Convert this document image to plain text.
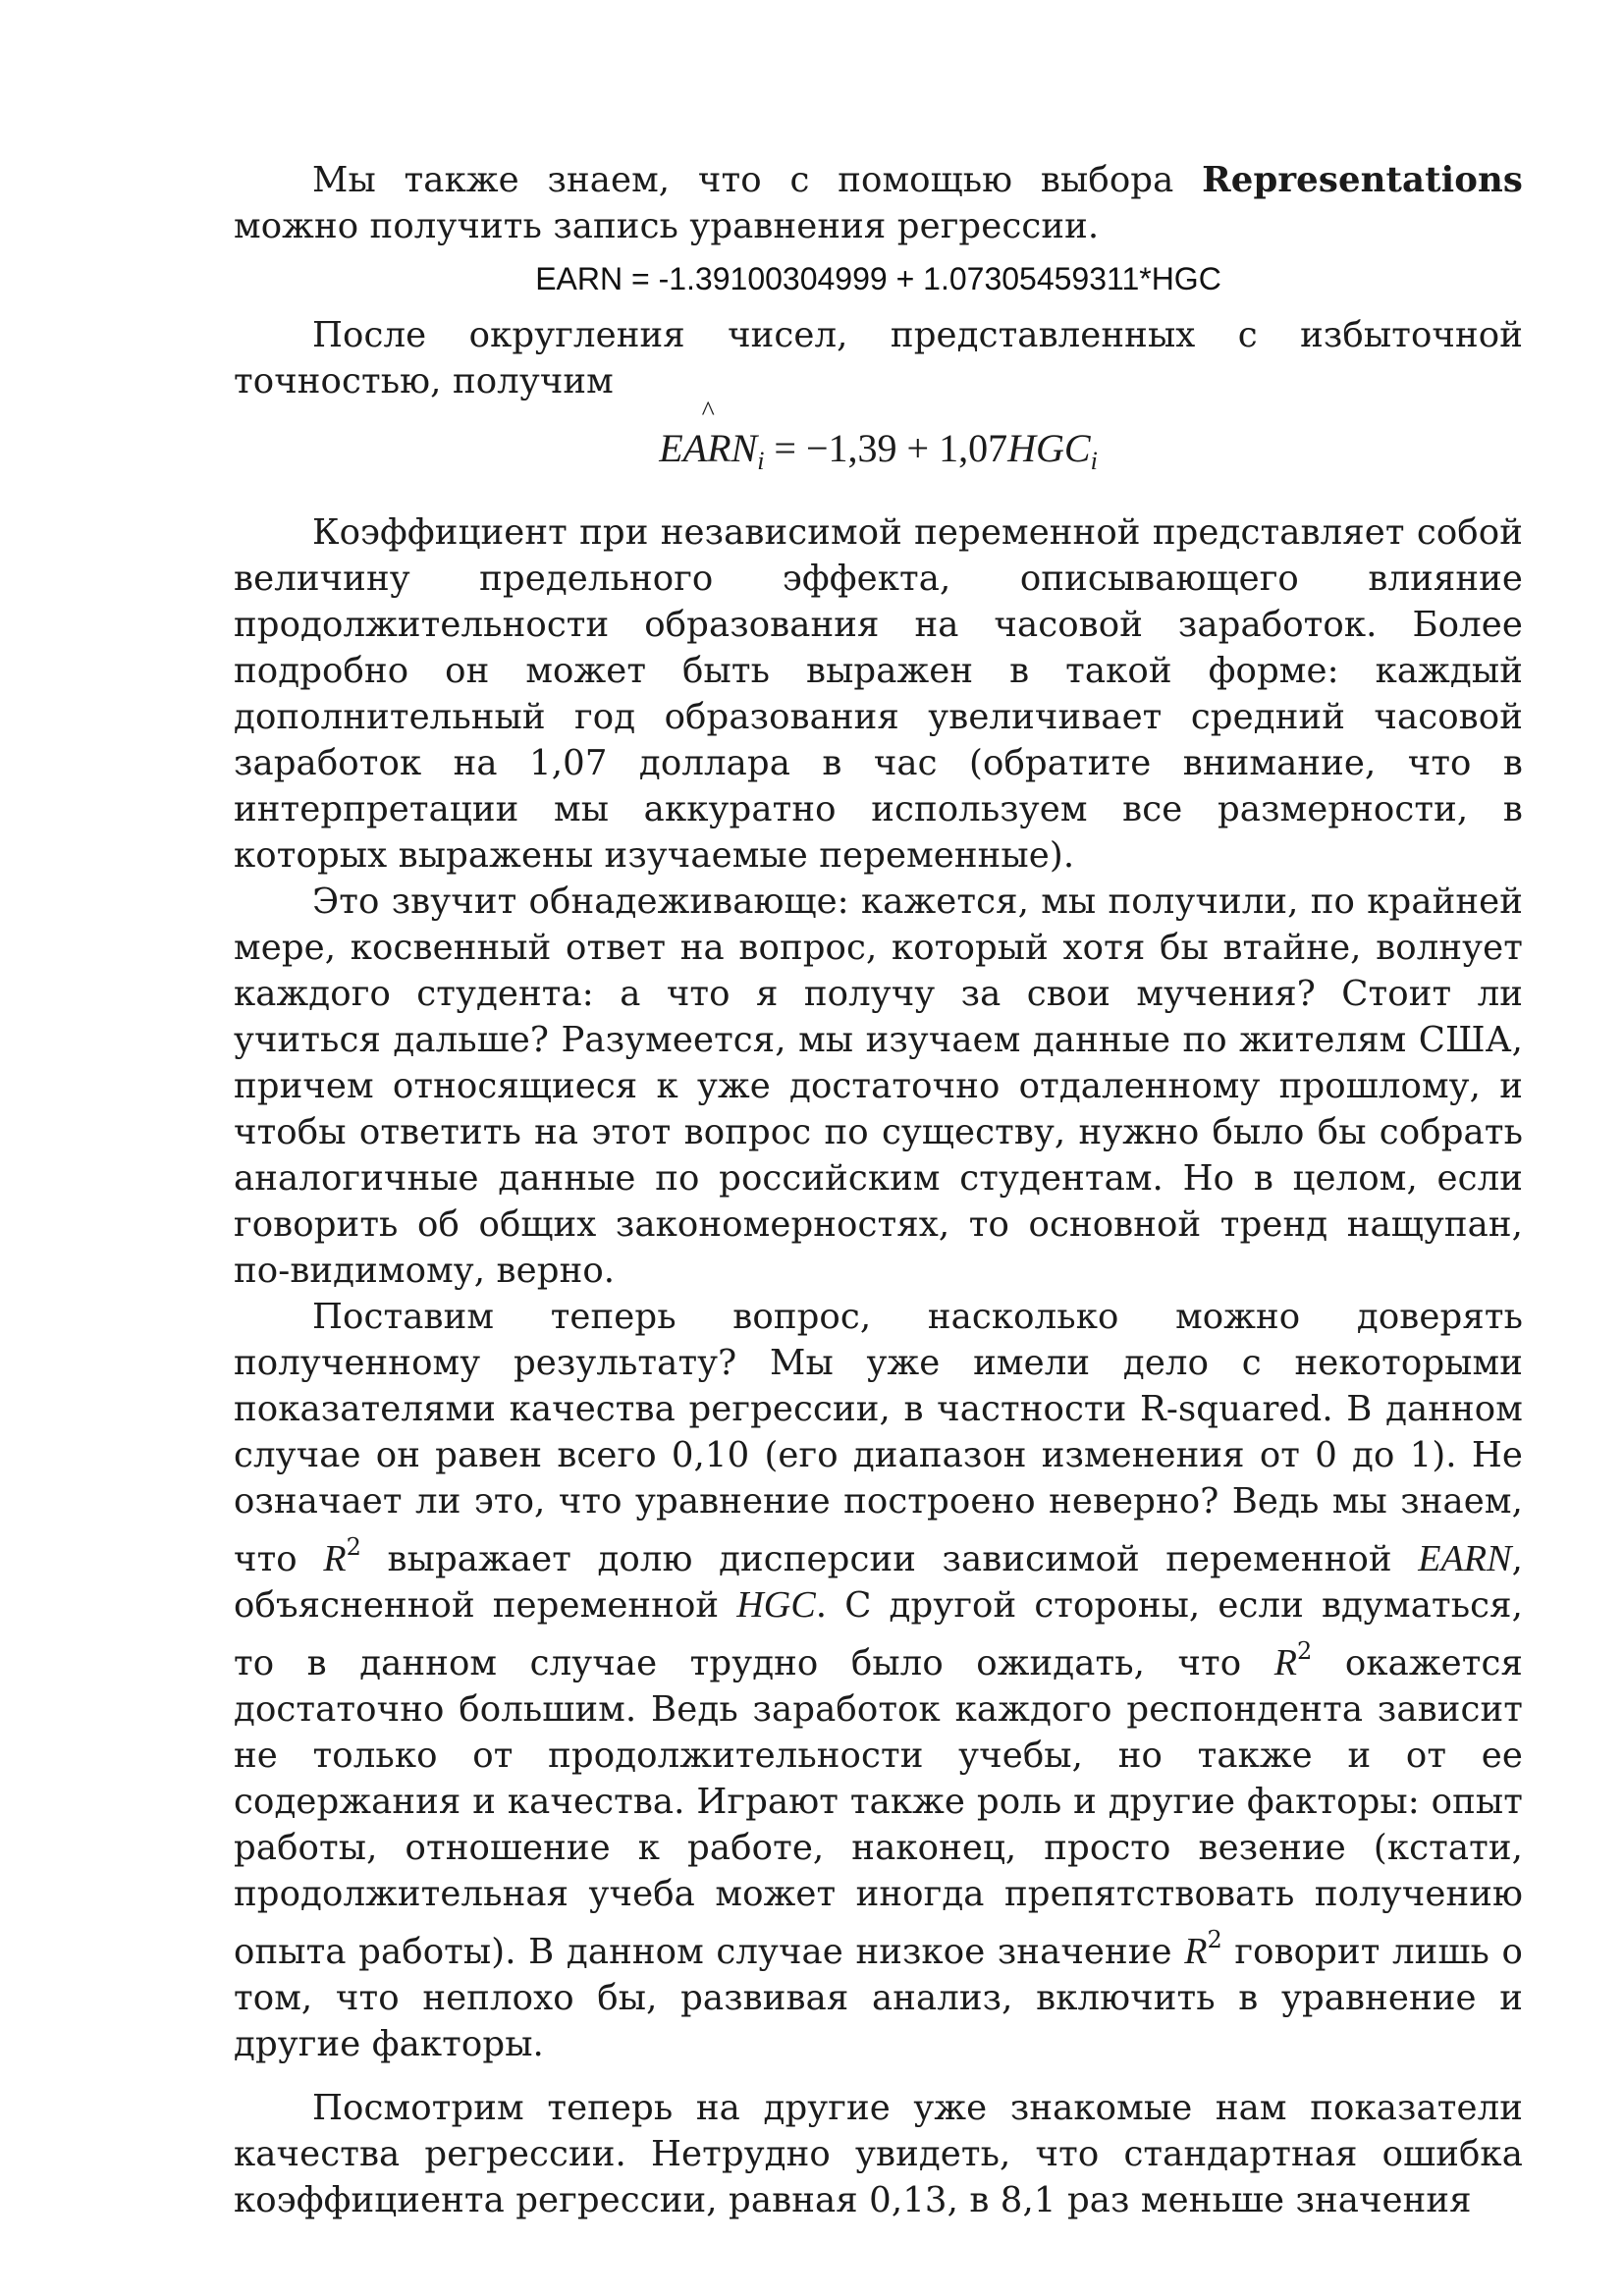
Мы также знаем, что с помощью выбора Representations можно получить запись уравнения регрессии.

EARN = -1.39100304999 + 1.07305459311*HGC

После округления чисел, представленных с избыточной точностью, получим

^
$EARN_i = -1,39 + 1,07HGC_i$

Коэффициент при независимой переменной представляет собой величину предельного эффекта, описывающего влияние продолжительности образования на часовой заработок. Более подробно он может быть выражен в такой форме: каждый дополнительный год образования увеличивает средний часовой заработок на 1,07 доллара в час (обратите внимание, что в интерпретации мы аккуратно используем все размерности, в которых выражены изучаемые переменные).

Это звучит обнадеживающе: кажется, мы получили, по крайней мере, косвенный ответ на вопрос, который хотя бы втайне, волнует каждого студента: а что я получу за свои мучения? Стоит ли учиться дальше? Разумеется, мы изучаем данные по жителям США, причем относящиеся к уже достаточно отдаленному прошлому, и чтобы ответить на этот вопрос по существу, нужно было бы собрать аналогичные данные по российским студентам. Но в целом, если говорить об общих закономерностях, то основной тренд нащупан, по-видимому, верно.

Поставим теперь вопрос, насколько можно доверять полученному результату? Мы уже имели дело с некоторыми показателями качества регрессии, в частности R-squared. В данном случае он равен всего 0,10 (его диапазон изменения от 0 до 1). Не означает ли это, что уравнение построено неверно? Ведь мы знаем, что $R^2$ выражает долю дисперсии зависимой переменной EARN, объясненной переменной HGC. С другой стороны, если вдуматься, то в данном случае трудно было ожидать, что $R^2$ окажется достаточно большим. Ведь заработок каждого респондента зависит не только от продолжительности учебы, но также и от ее содержания и качества. Играют также роль и другие факторы: опыт работы, отношение к работе, наконец, просто везение (кстати, продолжительная учеба может иногда препятствовать получению опыта работы). В данном случае низкое значение $R^2$ говорит лишь о том, что неплохо бы, развивая анализ, включить в уравнение и другие факторы.

Посмотрим теперь на другие уже знакомые нам показатели качества регрессии. Нетрудно увидеть, что стандартная ошибка коэффициента регрессии, равная 0,13, в 8,1 раз меньше значения
